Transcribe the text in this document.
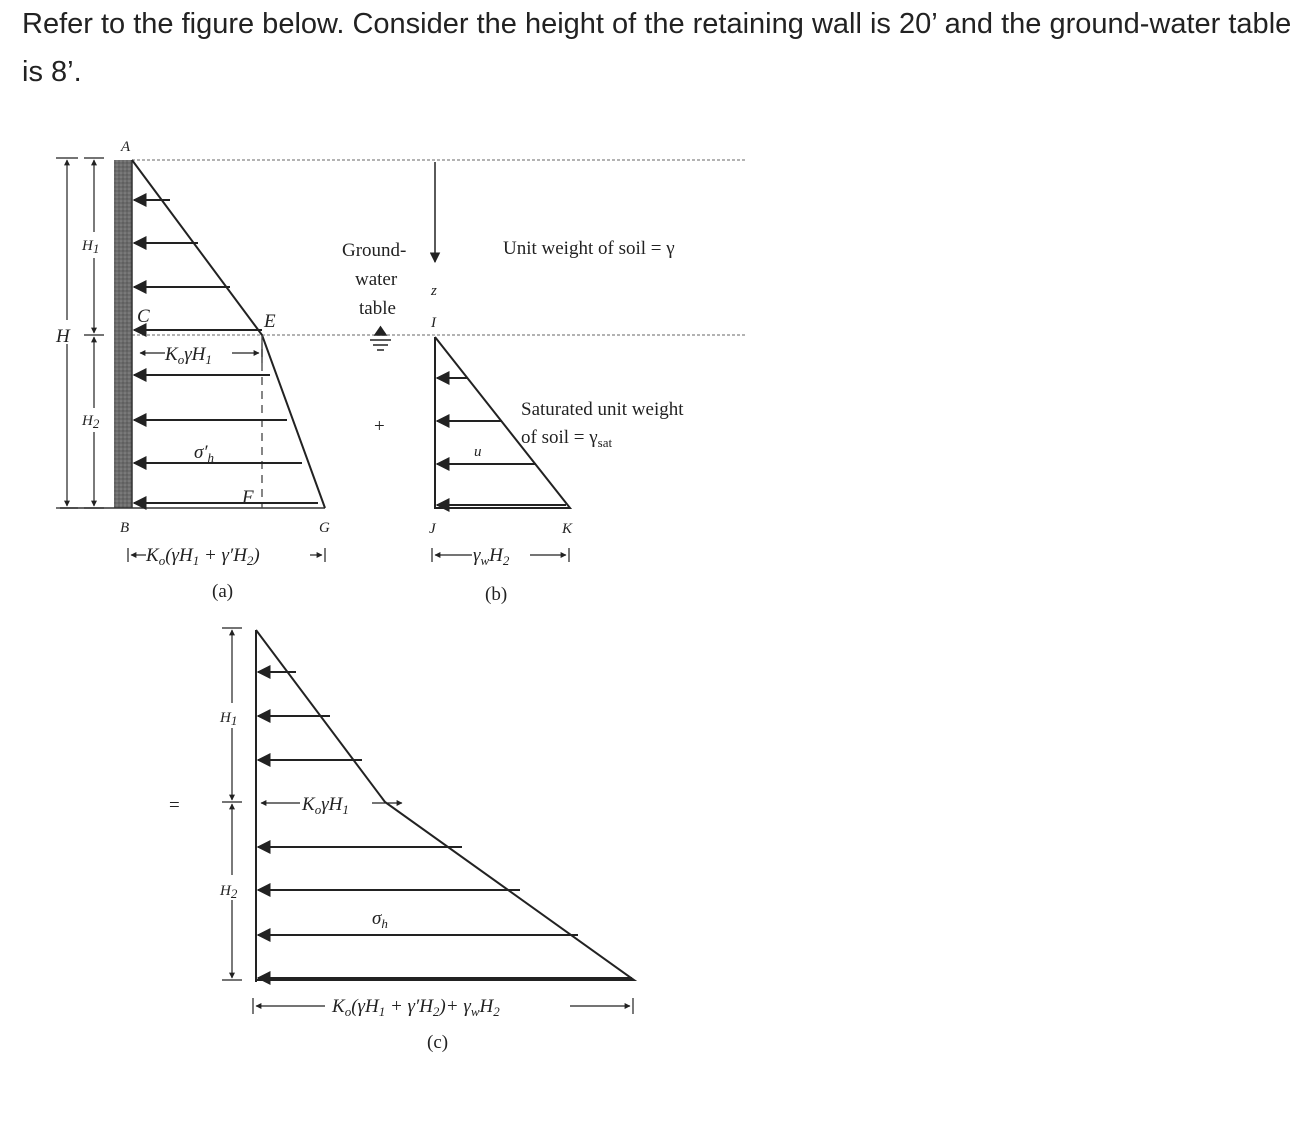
Refer to the figure below. Consider the height of the retaining wall is 20’ and the ground-water table is 8’.

$K_o\gamma H_1$
$\sigma'_h$
A
C	E
F
B	G
H
H1
H2
$K_o(\gamma H_1 + \gamma'H_2)$
(a)
Ground-
water
table
+
z
I
Unit weight of soil = γ
u
Saturated unit weight
of soil = $\gamma_{sat}$
J	K
$\gamma_wH_2$
(b)
=	$K_o\gamma H_1$
$\sigma_h$
H1
H2
$K_o(\gamma H_1 + \gamma'H_2)+ \gamma_wH_2$
(c)
